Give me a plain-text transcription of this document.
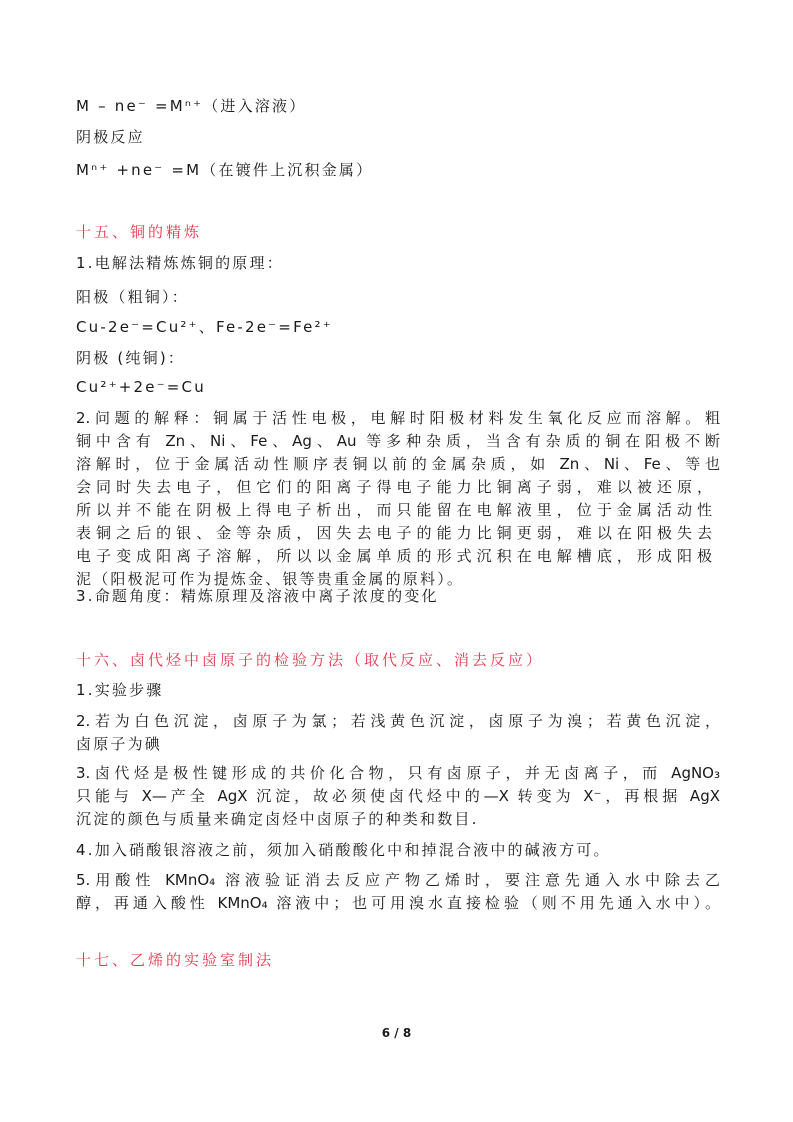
M – ne⁻ =Mⁿ⁺（进入溶液）
阴极反应
Mⁿ⁺ +ne⁻ =M（在镀件上沉积金属）
十五、铜的精炼
1.电解法精炼炼铜的原理：
阳极（粗铜）：
Cu-2e⁻=Cu²⁺、Fe-2e⁻=Fe²⁺
阴极 (纯铜)：
Cu²⁺+2e⁻=Cu
2.问题的解释：铜属于活性电极，电解时阳极材料发生氧化反应而溶解。粗
铜中含有 Zn、Ni、Fe、Ag、Au 等多种杂质，当含有杂质的铜在阳极不断
溶解时，位于金属活动性顺序表铜以前的金属杂质，如 Zn、Ni、Fe、等也
会同时失去电子，但它们的阳离子得电子能力比铜离子弱，难以被还原，
所以并不能在阴极上得电子析出，而只能留在电解液里，位于金属活动性
表铜之后的银、金等杂质，因失去电子的能力比铜更弱，难以在阳极失去
电子变成阳离子溶解，所以以金属单质的形式沉积在电解槽底，形成阳极
泥（阳极泥可作为提炼金、银等贵重金属的原料）。
3.命题角度：精炼原理及溶液中离子浓度的变化
十六、卤代烃中卤原子的检验方法（取代反应、消去反应）
1.实验步骤
2.若为白色沉淀，卤原子为氯；若浅黄色沉淀，卤原子为溴；若黄色沉淀，
卤原子为碘
3.卤代烃是极性键形成的共价化合物，只有卤原子，并无卤离子，而 AgNO₃
只能与 X—产全 AgX 沉淀，故必须使卤代烃中的—X 转变为 X⁻，再根据 AgX
沉淀的颜色与质量来确定卤烃中卤原子的种类和数目.
4.加入硝酸银溶液之前，须加入硝酸酸化中和掉混合液中的碱液方可。
5.用酸性 KMnO₄ 溶液验证消去反应产物乙烯时，要注意先通入水中除去乙
醇，再通入酸性 KMnO₄ 溶液中；也可用溴水直接检验（则不用先通入水中）。
十七、乙烯的实验室制法
6 / 8
